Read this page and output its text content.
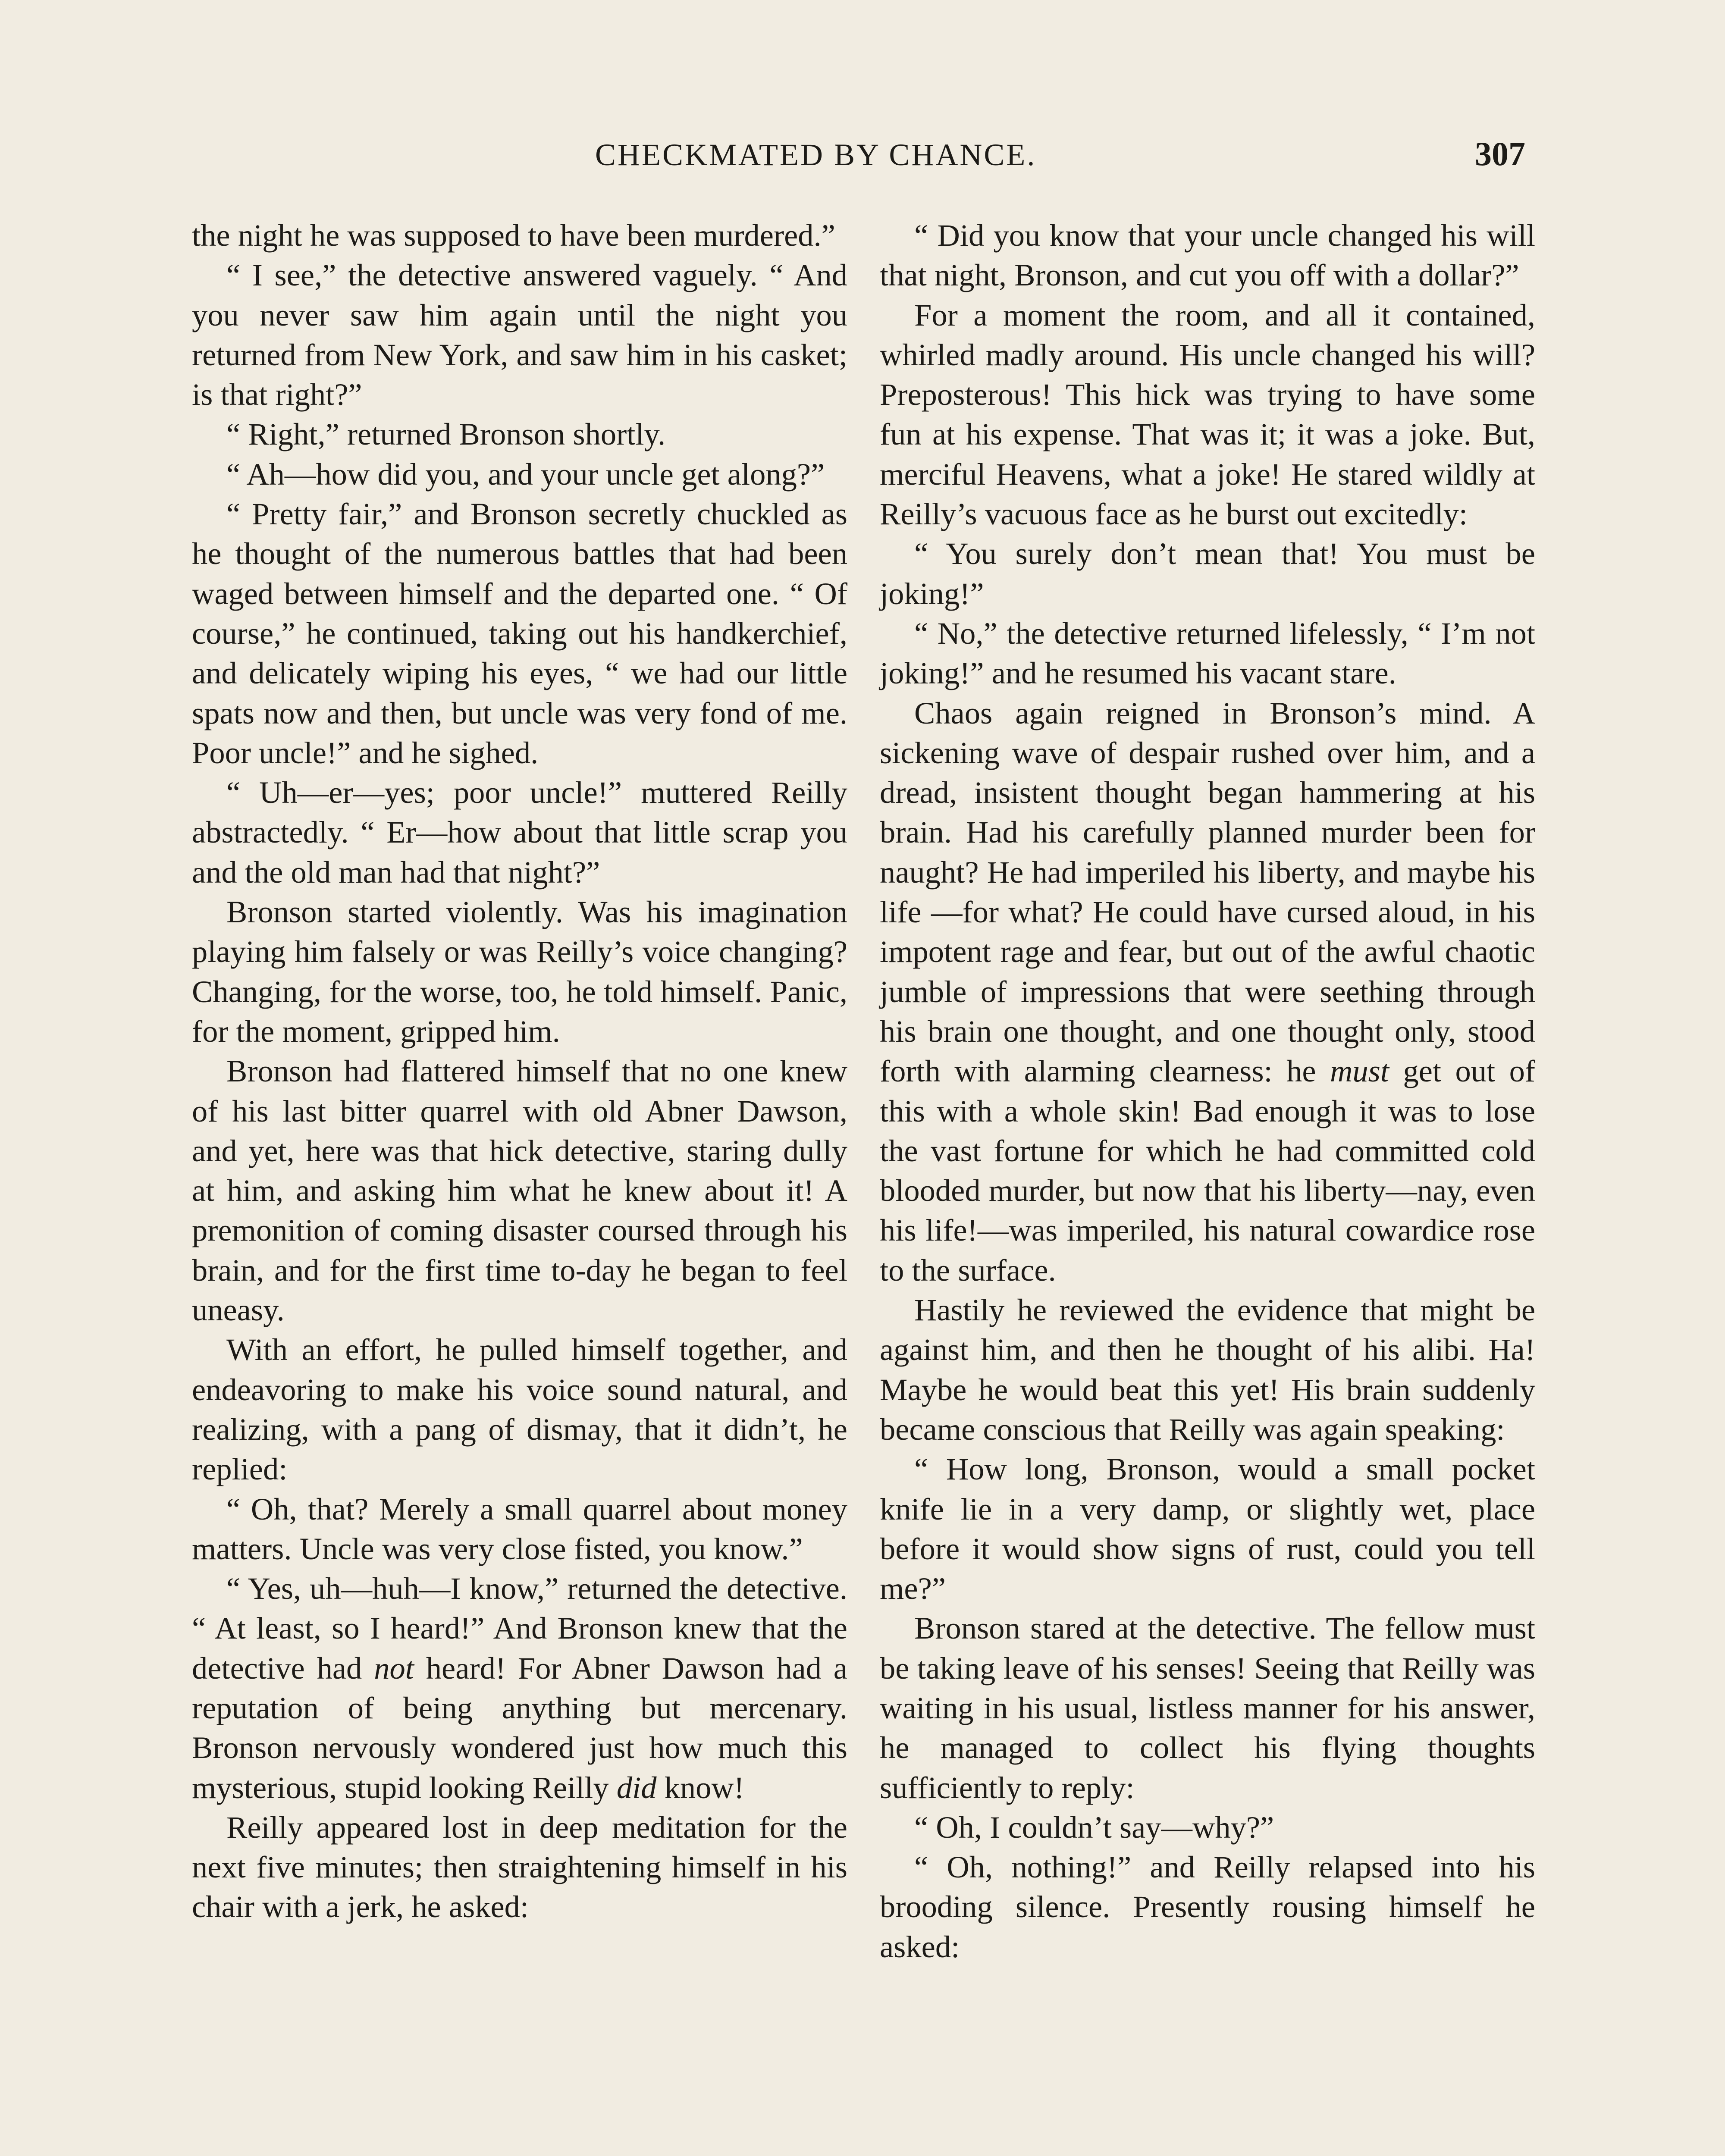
CHECKMATED BY CHANCE.	307

the night he was supposed to have been murdered.”

“ I see,” the detective answered vaguely. “ And you never saw him again until the night you returned from New York, and saw him in his casket; is that right?”

“ Right,” returned Bronson shortly.

“ Ah—how did you, and your uncle get along?”

“ Pretty fair,” and Bronson secretly chuckled as he thought of the numerous battles that had been waged between himself and the departed one. “ Of course,” he continued, taking out his handkerchief, and delicately wiping his eyes, “ we had our little spats now and then, but uncle was very fond of me. Poor uncle!” and he sighed.

“ Uh—er—yes; poor uncle!” muttered Reilly abstractedly. “ Er—how about that little scrap you and the old man had that night?”

Bronson started violently. Was his imagination playing him falsely or was Reilly’s voice changing? Changing, for the worse, too, he told himself. Panic, for the moment, gripped him.

Bronson had flattered himself that no one knew of his last bitter quarrel with old Abner Dawson, and yet, here was that hick detective, staring dully at him, and asking him what he knew about it! A premonition of coming disaster coursed through his brain, and for the first time to-day he began to feel uneasy.

With an effort, he pulled himself together, and endeavoring to make his voice sound natural, and realizing, with a pang of dismay, that it didn’t, he replied:

“ Oh, that? Merely a small quarrel about money matters. Uncle was very close fisted, you know.”

“ Yes, uh—huh—I know,” returned the detective. “ At least, so I heard!” And Bronson knew that the detective had not heard! For Abner Dawson had a reputation of being anything but mercenary. Bronson nervously wondered just how much this mysterious, stupid looking Reilly did know!

Reilly appeared lost in deep meditation for the next five minutes; then straightening himself in his chair with a jerk, he asked:

“ Did you know that your uncle changed his will that night, Bronson, and cut you off with a dollar?”

For a moment the room, and all it contained, whirled madly around. His uncle changed his will? Preposterous! This hick was trying to have some fun at his expense. That was it; it was a joke. But, merciful Heavens, what a joke! He stared wildly at Reilly’s vacuous face as he burst out excitedly:

“ You surely don’t mean that! You must be joking!”

“ No,” the detective returned lifelessly, “ I’m not joking!” and he resumed his vacant stare.

Chaos again reigned in Bronson’s mind. A sickening wave of despair rushed over him, and a dread, insistent thought began hammering at his brain. Had his carefully planned murder been for naught? He had imperiled his liberty, and maybe his life —for what? He could have cursed aloud, in his impotent rage and fear, but out of the awful chaotic jumble of impressions that were seething through his brain one thought, and one thought only, stood forth with alarming clearness: he must get out of this with a whole skin! Bad enough it was to lose the vast fortune for which he had committed cold blooded murder, but now that his liberty—nay, even his life!—was imperiled, his natural cowardice rose to the surface.

Hastily he reviewed the evidence that might be against him, and then he thought of his alibi. Ha! Maybe he would beat this yet! His brain suddenly became conscious that Reilly was again speaking:

“ How long, Bronson, would a small pocket knife lie in a very damp, or slightly wet, place before it would show signs of rust, could you tell me?”

Bronson stared at the detective. The fellow must be taking leave of his senses! Seeing that Reilly was waiting in his usual, listless manner for his answer, he managed to collect his flying thoughts sufficiently to reply:

“ Oh, I couldn’t say—why?”

“ Oh, nothing!” and Reilly relapsed into his brooding silence. Presently rousing himself he asked:
